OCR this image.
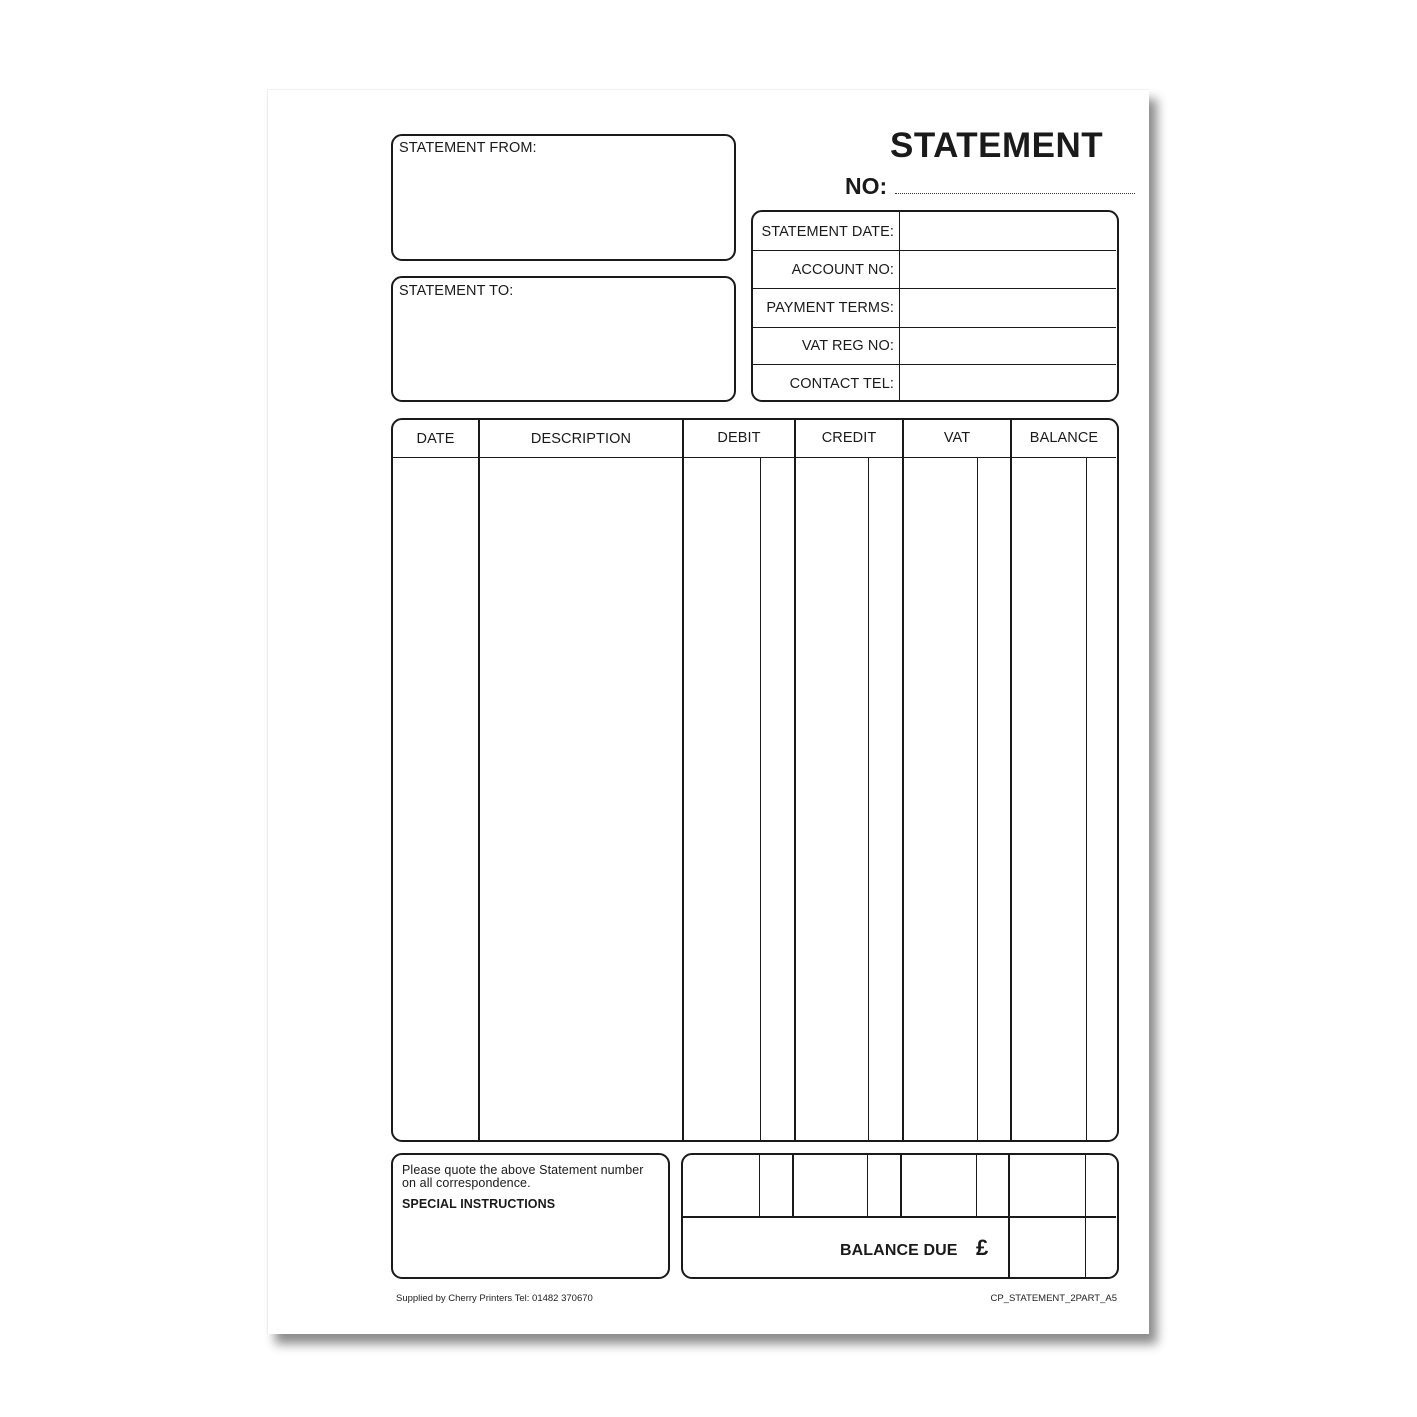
STATEMENT
NO:
STATEMENT FROM:
STATEMENT TO:
STATEMENT DATE:
ACCOUNT NO:
PAYMENT TERMS:
VAT REG NO:
CONTACT TEL:
DATE	DESCRIPTION	DEBIT	CREDIT	VAT	BALANCE
Please quote the above Statement number
on all correspondence.
SPECIAL INSTRUCTIONS
BALANCE DUE £
Supplied by Cherry Printers Tel: 01482 370670	CP_STATEMENT_2PART_A5
